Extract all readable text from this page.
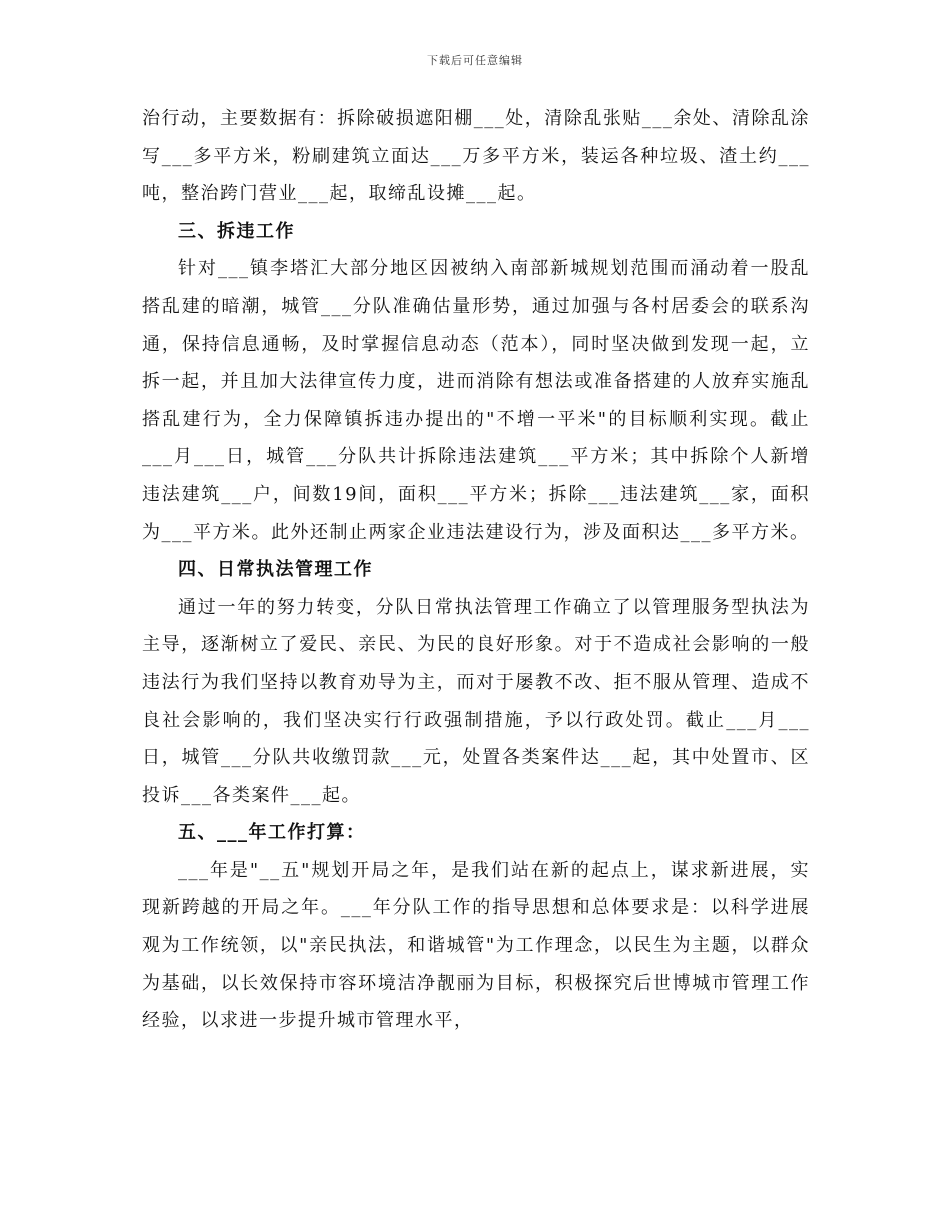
下载后可任意编辑

治行动，主要数据有：拆除破损遮阳棚___处，清除乱张贴___余处、清除乱涂写___多平方米，粉刷建筑立面达___万多平方米，装运各种垃圾、渣土约___吨，整治跨门营业___起，取缔乱设摊___起。

三、拆违工作

针对___镇李塔汇大部分地区因被纳入南部新城规划范围而涌动着一股乱搭乱建的暗潮，城管___分队准确估量形势，通过加强与各村居委会的联系沟通，保持信息通畅，及时掌握信息动态（范本），同时坚决做到发现一起，立拆一起，并且加大法律宣传力度，进而消除有想法或准备搭建的人放弃实施乱搭乱建行为，全力保障镇拆违办提出的"不增一平米"的目标顺利实现。截止___月___日，城管___分队共计拆除违法建筑___平方米；其中拆除个人新增违法建筑___户，间数19间，面积___平方米；拆除___违法建筑___家，面积为___平方米。此外还制止两家企业违法建设行为，涉及面积达___多平方米。

四、日常执法管理工作

通过一年的努力转变，分队日常执法管理工作确立了以管理服务型执法为主导，逐渐树立了爱民、亲民、为民的良好形象。对于不造成社会影响的一般违法行为我们坚持以教育劝导为主，而对于屡教不改、拒不服从管理、造成不良社会影响的，我们坚决实行行政强制措施，予以行政处罚。截止___月___日，城管___分队共收缴罚款___元，处置各类案件达___起，其中处置市、区投诉___各类案件___起。

五、___年工作打算：

___年是"__五"规划开局之年，是我们站在新的起点上，谋求新进展，实现新跨越的开局之年。___年分队工作的指导思想和总体要求是：以科学进展观为工作统领，以"亲民执法，和谐城管"为工作理念，以民生为主题，以群众为基础，以长效保持市容环境洁净靓丽为目标，积极探究后世博城市管理工作经验，以求进一步提升城市管理水平，
